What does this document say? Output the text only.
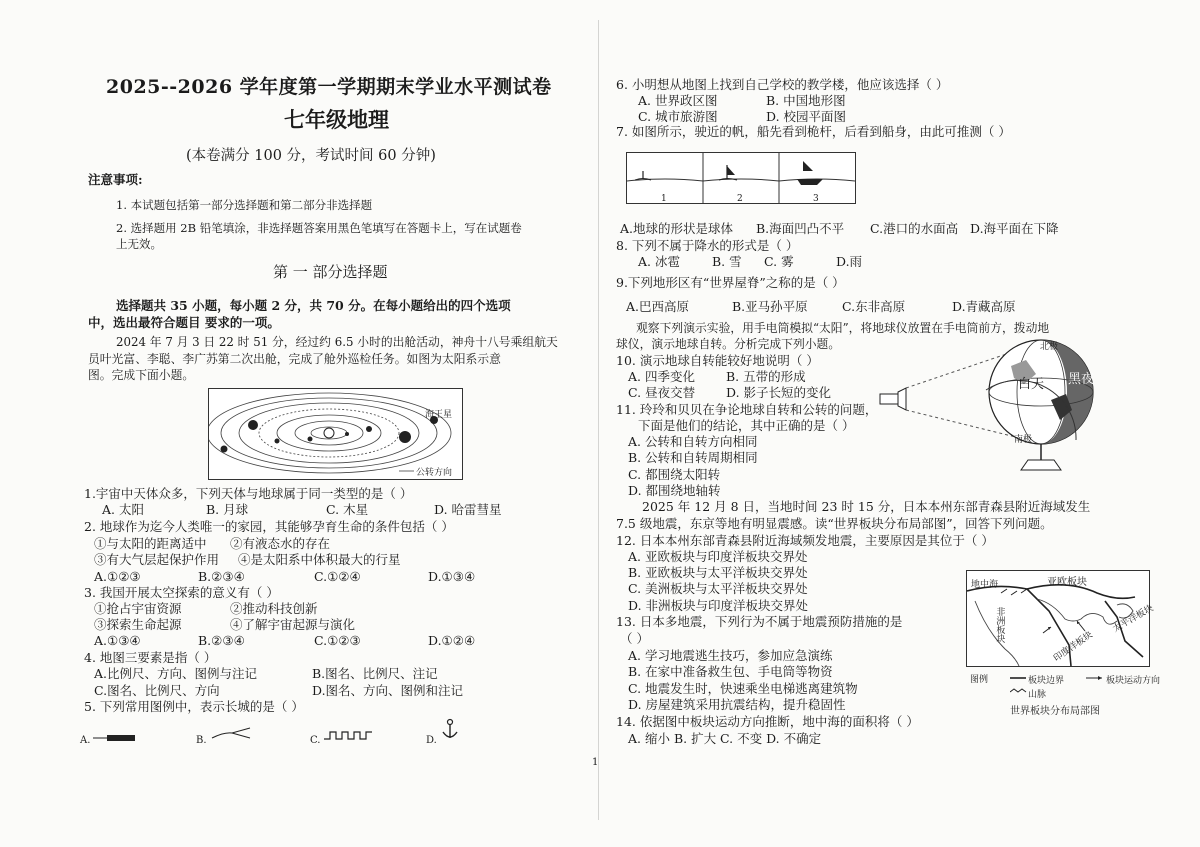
2025--2026 学年度第一学期期末学业水平测试卷
七年级地理
(本卷满分 100 分，考试时间 60 分钟)
注意事项:
1. 本试题包括第一部分选择题和第二部分非选择题
2. 选择题用 2B 铅笔填涂，非选择题答案用黑色笔填写在答题卡上，写在试题卷
上无效。
第 一 部分选择题
选择题共 35 小题，每小题 2 分，共 70 分。在每小题给出的四个选项
中，选出最符合题目 要求的一项。
2024 年 7 月 3 日 22 时 51 分，经过约 6.5 小时的出舱活动，神舟十八号乘组航天
员叶光富、李聪、李广苏第二次出舱，完成了舱外巡检任务。如图为太阳系示意
图。完成下面小题。
海王星
公转方向
1.宇宙中天体众多，下列天体与地球属于同一类型的是（ ）
A. 太阳	B. 月球	C. 木星	D. 哈雷彗星
2. 地球作为迄今人类唯一的家园，其能够孕育生命的条件包括（ ）
①与太阳的距离适中 ②有液态水的存在
③有大气层起保护作用 ④是太阳系中体积最大的行星
A.①②③	B.②③④	C.①②④	D.①③④
3. 我国开展太空探索的意义有（ ）
①抢占宇宙资源	②推动科技创新
③探索生命起源	④了解宇宙起源与演化
A.①③④	B.②③④	C.①②③	D.①②④
4. 地图三要素是指（ ）
A.比例尺、方向、图例与注记	B.图名、比例尺、注记
C.图名、比例尺、方向	D.图名、方向、图例和注记
5. 下列常用图例中，表示长城的是（ ）
A.	B.	C.	D.
6. 小明想从地图上找到自己学校的教学楼，他应该选择（ ）
A. 世界政区图	B. 中国地形图
C. 城市旅游图	D. 校园平面图
7. 如图所示，驶近的帆，船先看到桅杆，后看到船身，由此可推测（ ）
1	2	3
A.地球的形状是球体 B.海面凹凸不平 C.港口的水面高 D.海平面在下降
8. 下列不属于降水的形式是（ ）
A. 冰雹	B. 雪 C. 雾	D.雨
9.下列地形区有“世界屋脊”之称的是（ ）
A.巴西高原	B.亚马孙平原	C.东非高原	D.青藏高原
观察下列演示实验，用手电筒模拟“太阳”，将地球仪放置在手电筒前方，拨动地
球仪，演示地球自转。分析完成下列小题。	北极
白天 黑夜
南极
10. 演示地球自转能较好地说明（ ）
A. 四季变化 B. 五带的形成
C. 昼夜交替 D. 影子长短的变化
11. 玲玲和贝贝在争论地球自转和公转的问题，
下面是他们的结论，其中正确的是（ ）
A. 公转和自转方向相同
B. 公转和自转周期相同
C. 都围绕太阳转
D. 都围绕地轴转
2025 年 12 月 8 日，当地时间 23 时 15 分，日本本州东部青森县附近海域发生
7.5 级地震，东京等地有明显震感。读“世界板块分布局部图”，回答下列问题。
12. 日本本州东部青森县附近海域频发地震，主要原因是其位于（ ）
A. 亚欧板块与印度洋板块交界处
B. 亚欧板块与太平洋板块交界处
C. 美洲板块与太平洋板块交界处
D. 非洲板块与印度洋板块交界处
地中海	亚欧板块
非洲板块
印度洋板块
太平洋板块
图例	板块边界	板块运动方向
山脉
世界板块分布局部图
13. 日本多地震，下列行为不属于地震预防措施的是
（ ）
A. 学习地震逃生技巧，参加应急演练
B. 在家中准备救生包、手电筒等物资
C. 地震发生时，快速乘坐电梯逃离建筑物
D. 房屋建筑采用抗震结构，提升稳固性
14. 依据图中板块运动方向推断，地中海的面积将（ ）
A. 缩小 B. 扩大 C. 不变 D. 不确定
1
